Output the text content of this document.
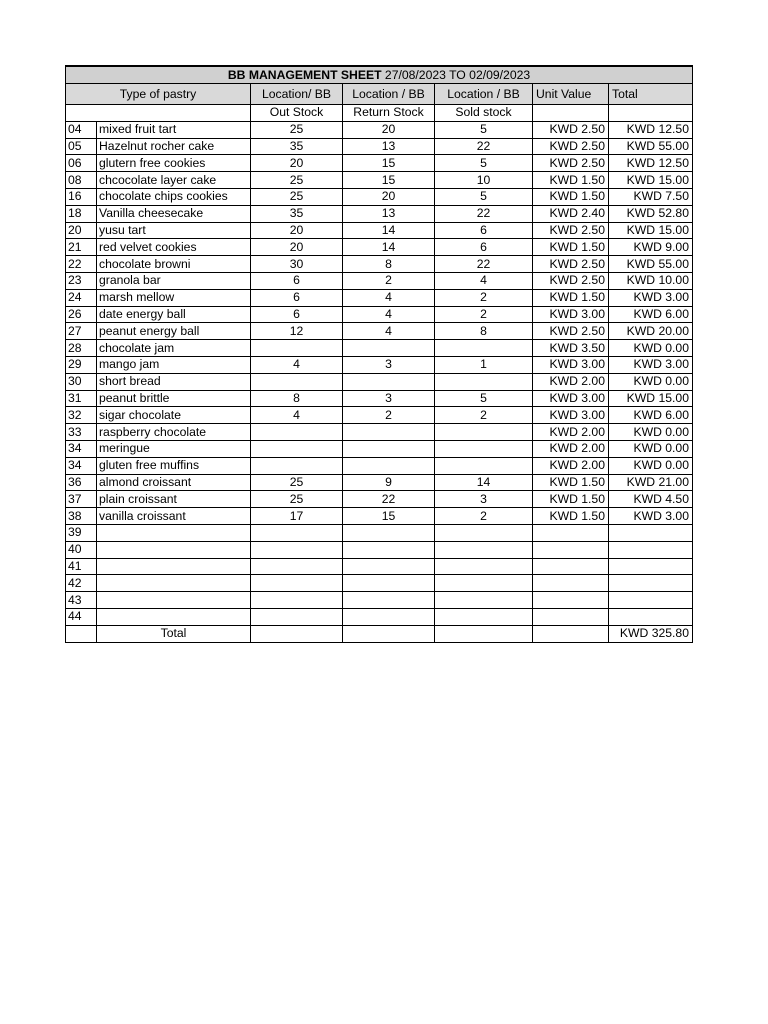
BB MANAGEMENT SHEET 27/08/2023 TO 02/09/2023						
Type of pastry		Location/ BB	Location / BB	Location / BB	Unit Value	Total
		Out Stock	Return Stock	Sold stock		
04	mixed fruit tart	25	20	5	KWD 2.50	KWD 12.50
05	Hazelnut rocher cake	35	13	22	KWD 2.50	KWD 55.00
06	glutern free cookies	20	15	5	KWD 2.50	KWD 12.50
08	chcocolate layer cake	25	15	10	KWD 1.50	KWD 15.00
16	chocolate chips cookies	25	20	5	KWD 1.50	KWD 7.50
18	Vanilla cheesecake	35	13	22	KWD 2.40	KWD 52.80
20	yusu tart	20	14	6	KWD 2.50	KWD 15.00
21	red velvet cookies	20	14	6	KWD 1.50	KWD 9.00
22	chocolate browni	30	8	22	KWD 2.50	KWD 55.00
23	granola bar	6	2	4	KWD 2.50	KWD 10.00
24	marsh mellow	6	4	2	KWD 1.50	KWD 3.00
26	date energy ball	6	4	2	KWD 3.00	KWD 6.00
27	peanut energy ball	12	4	8	KWD 2.50	KWD 20.00
28	chocolate jam				KWD 3.50	KWD 0.00
29	mango jam	4	3	1	KWD 3.00	KWD 3.00
30	short bread				KWD 2.00	KWD 0.00
31	peanut brittle	8	3	5	KWD 3.00	KWD 15.00
32	sigar chocolate	4	2	2	KWD 3.00	KWD 6.00
33	raspberry chocolate				KWD 2.00	KWD 0.00
34	meringue				KWD 2.00	KWD 0.00
34	gluten free muffins				KWD 2.00	KWD 0.00
36	almond croissant	25	9	14	KWD 1.50	KWD 21.00
37	plain croissant	25	22	3	KWD 1.50	KWD 4.50
38	vanilla croissant	17	15	2	KWD 1.50	KWD 3.00
39						
40						
41						
42						
43						
44						
	Total					KWD 325.80
